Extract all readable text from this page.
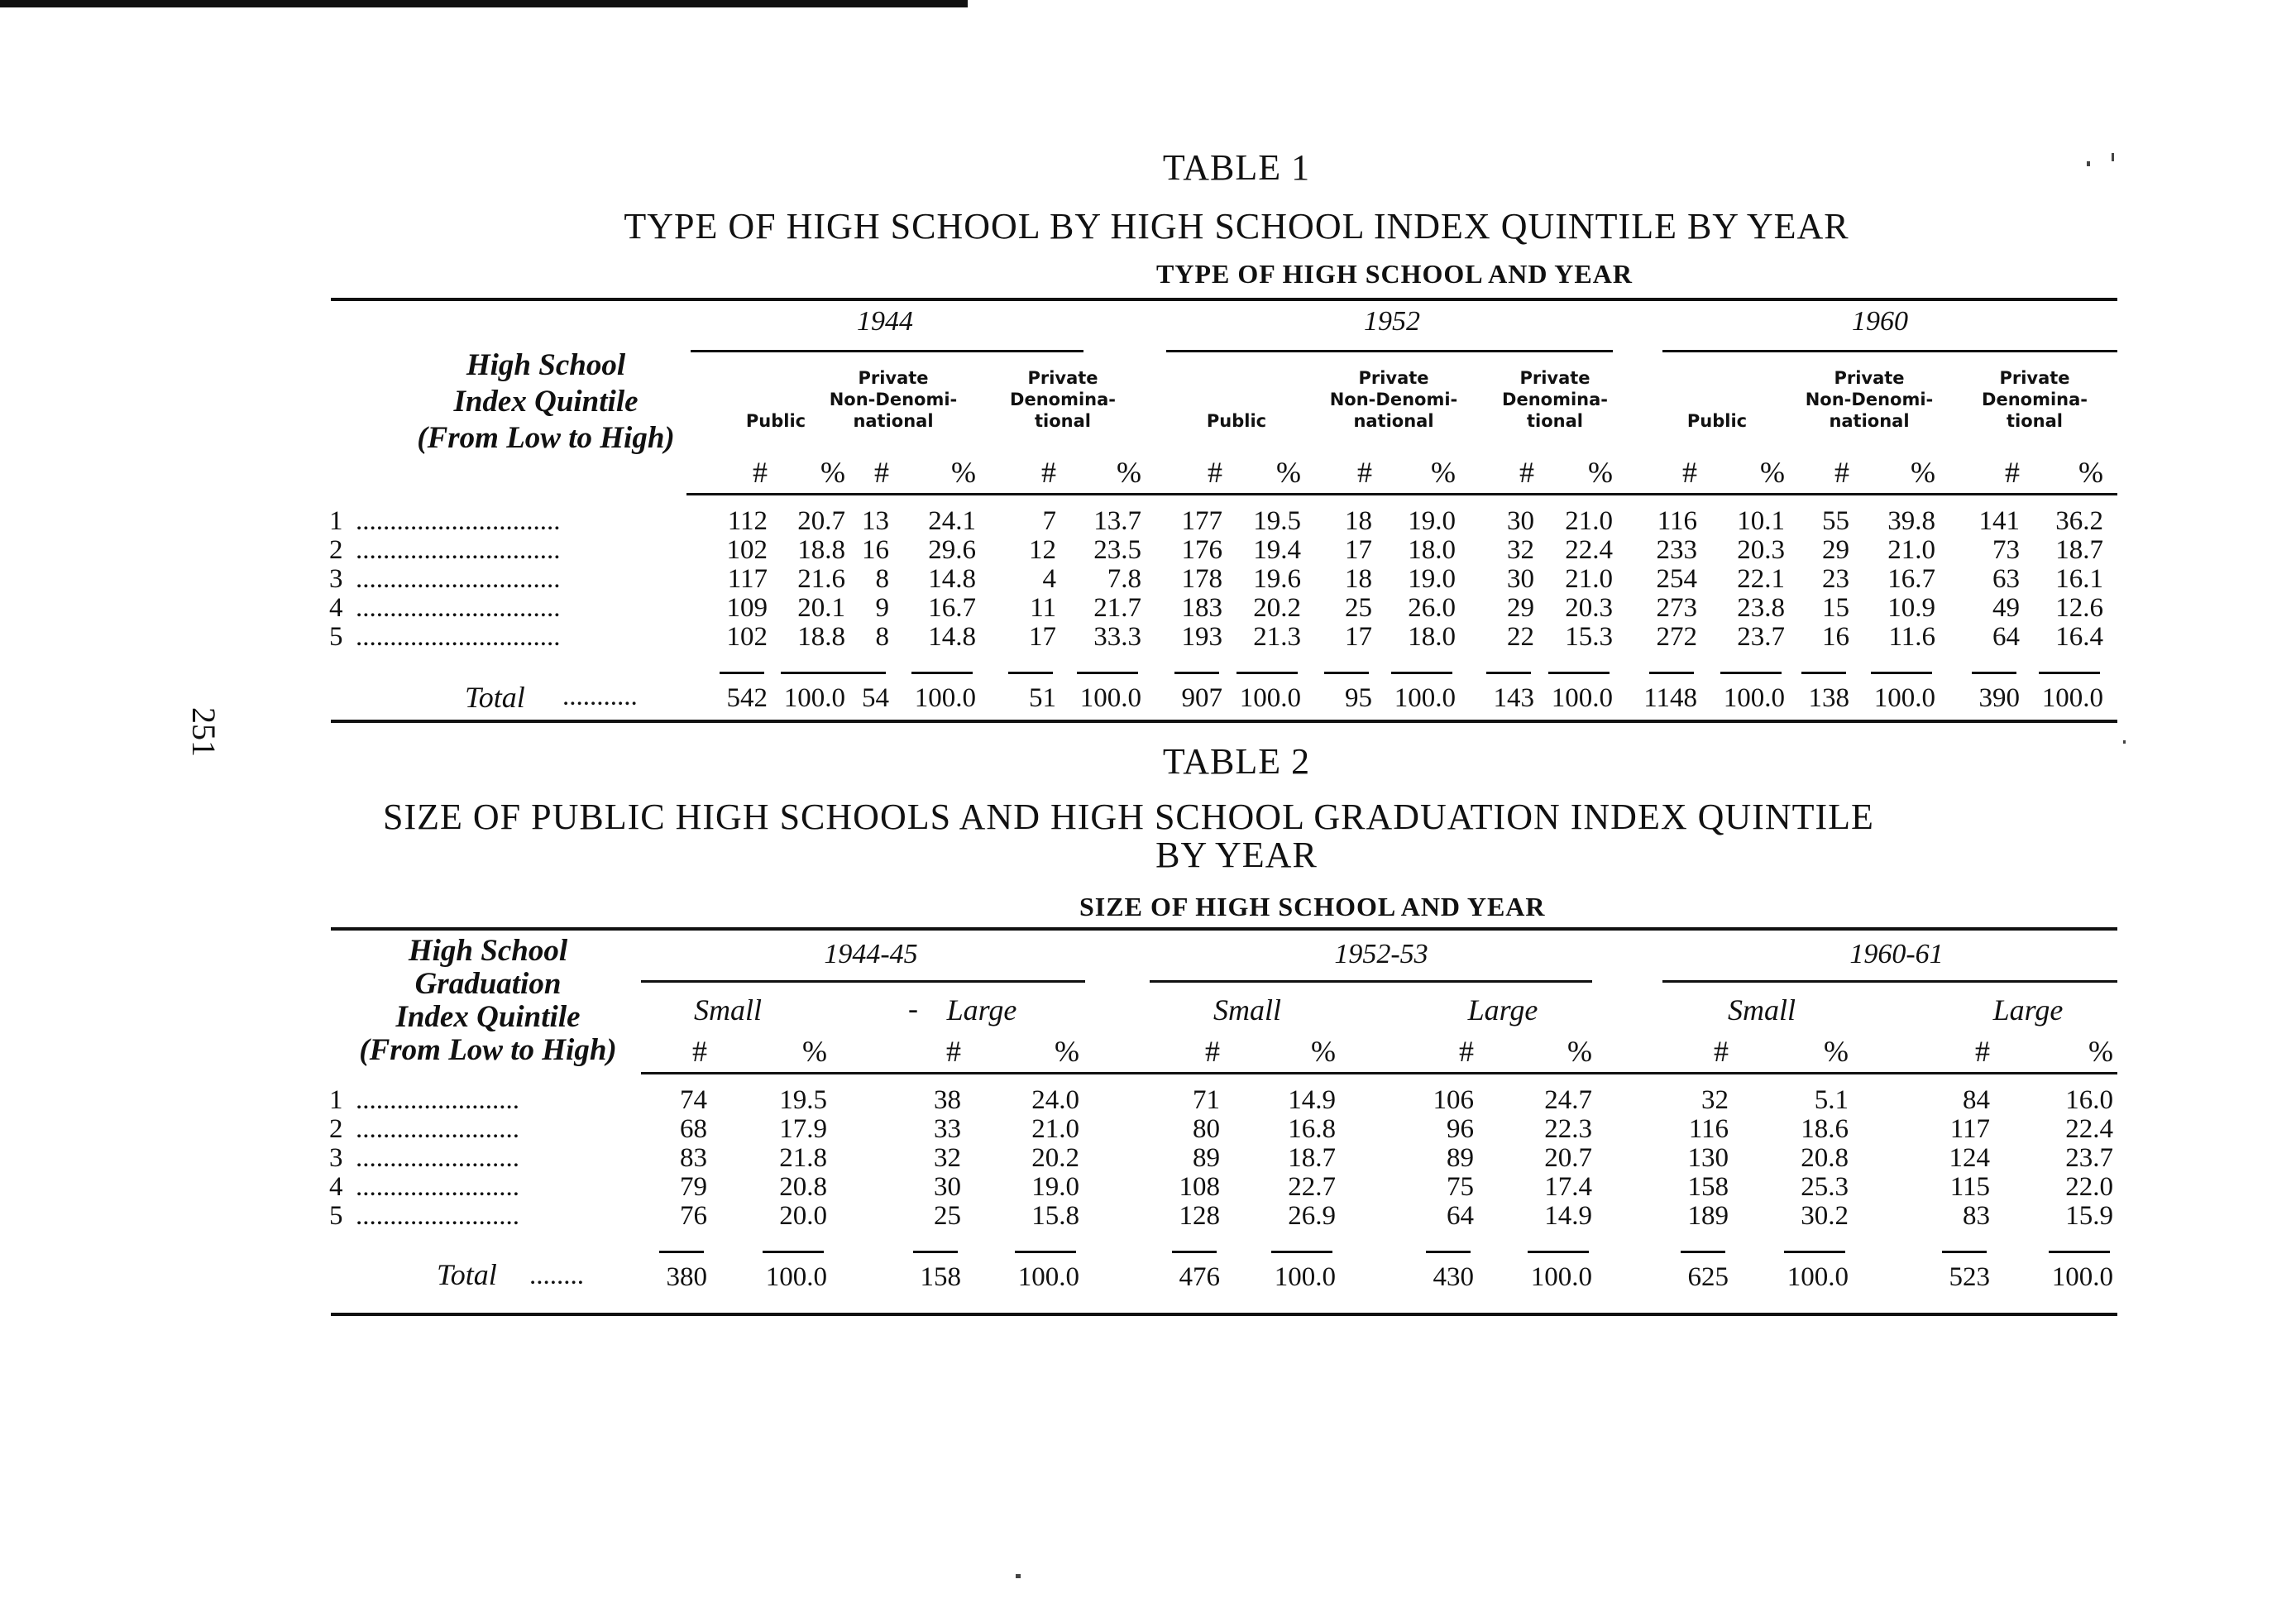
251
TABLE 1
TYPE OF HIGH SCHOOL BY HIGH SCHOOL INDEX QUINTILE BY YEAR
TYPE OF HIGH SCHOOL AND YEAR
1944	1952	1960
High School
Index Quintile
(From Low to High)	Public
Private
Non-Denomi-
national
Private
Denomina-
tional	Public
Private
Non-Denomi-
national
Private
Denomina-
tional	Public
Private
Non-Denomi-
national
Private
Denomina-
tional
# % # %	# %	# %	# %	# %	# %	# %	# %
1 ..............................	112	20.7 13	24.1	7	13.7	177	19.5	18	19.0	30	21.0	116	10.1	55	39.8	141	36.2
2 ..............................	102	18.8 16	29.6	12	23.5	176	19.4	17	18.0	32	22.4	233	20.3	29	21.0	73	18.7
3 ..............................	117	21.6	8	14.8	4	7.8	178	19.6	18	19.0	30	21.0	254	22.1	23	16.7	63	16.1
4 ..............................	109	20.1	9	16.7	11	21.7	183	20.2	25	26.0	29	20.3	273	23.8	15	10.9	49	12.6
5 ..............................	102	18.8	8	14.8	17	33.3	193	21.3	17	18.0	22	15.3	272	23.7	16	11.6	64	16.4
Total ...........	542 100.0 54 100.0	51 100.0	907 100.0	95 100.0	143 100.0	1148 100.0 138 100.0	390 100.0
TABLE 2
SIZE OF PUBLIC HIGH SCHOOLS AND HIGH SCHOOL GRADUATION INDEX QUINTILE
BY YEAR
SIZE OF HIGH SCHOOL AND YEAR
1944-45	1952-53	1960-61
High School
Graduation
Index Quintile
(From Low to High)
Small	Large	Small	Large	Small	Large
-
#	%	#	%	#	%	#	%	#	%	#	%
1 ........................	74	19.5	38	24.0	71	14.9	106	24.7	32	5.1	84	16.0
2 ........................	68	17.9	33	21.0	80	16.8	96	22.3	116	18.6	117	22.4
3 ........................	83	21.8	32	20.2	89	18.7	89	20.7	130	20.8	124	23.7
4 ........................	79	20.8	30	19.0	108	22.7	75	17.4	158	25.3	115	22.0
5 ........................	76	20.0	25	15.8	128	26.9	64	14.9	189	30.2	83	15.9
Total ........	380	100.0	158	100.0	476	100.0	430	100.0	625	100.0	523	100.0
